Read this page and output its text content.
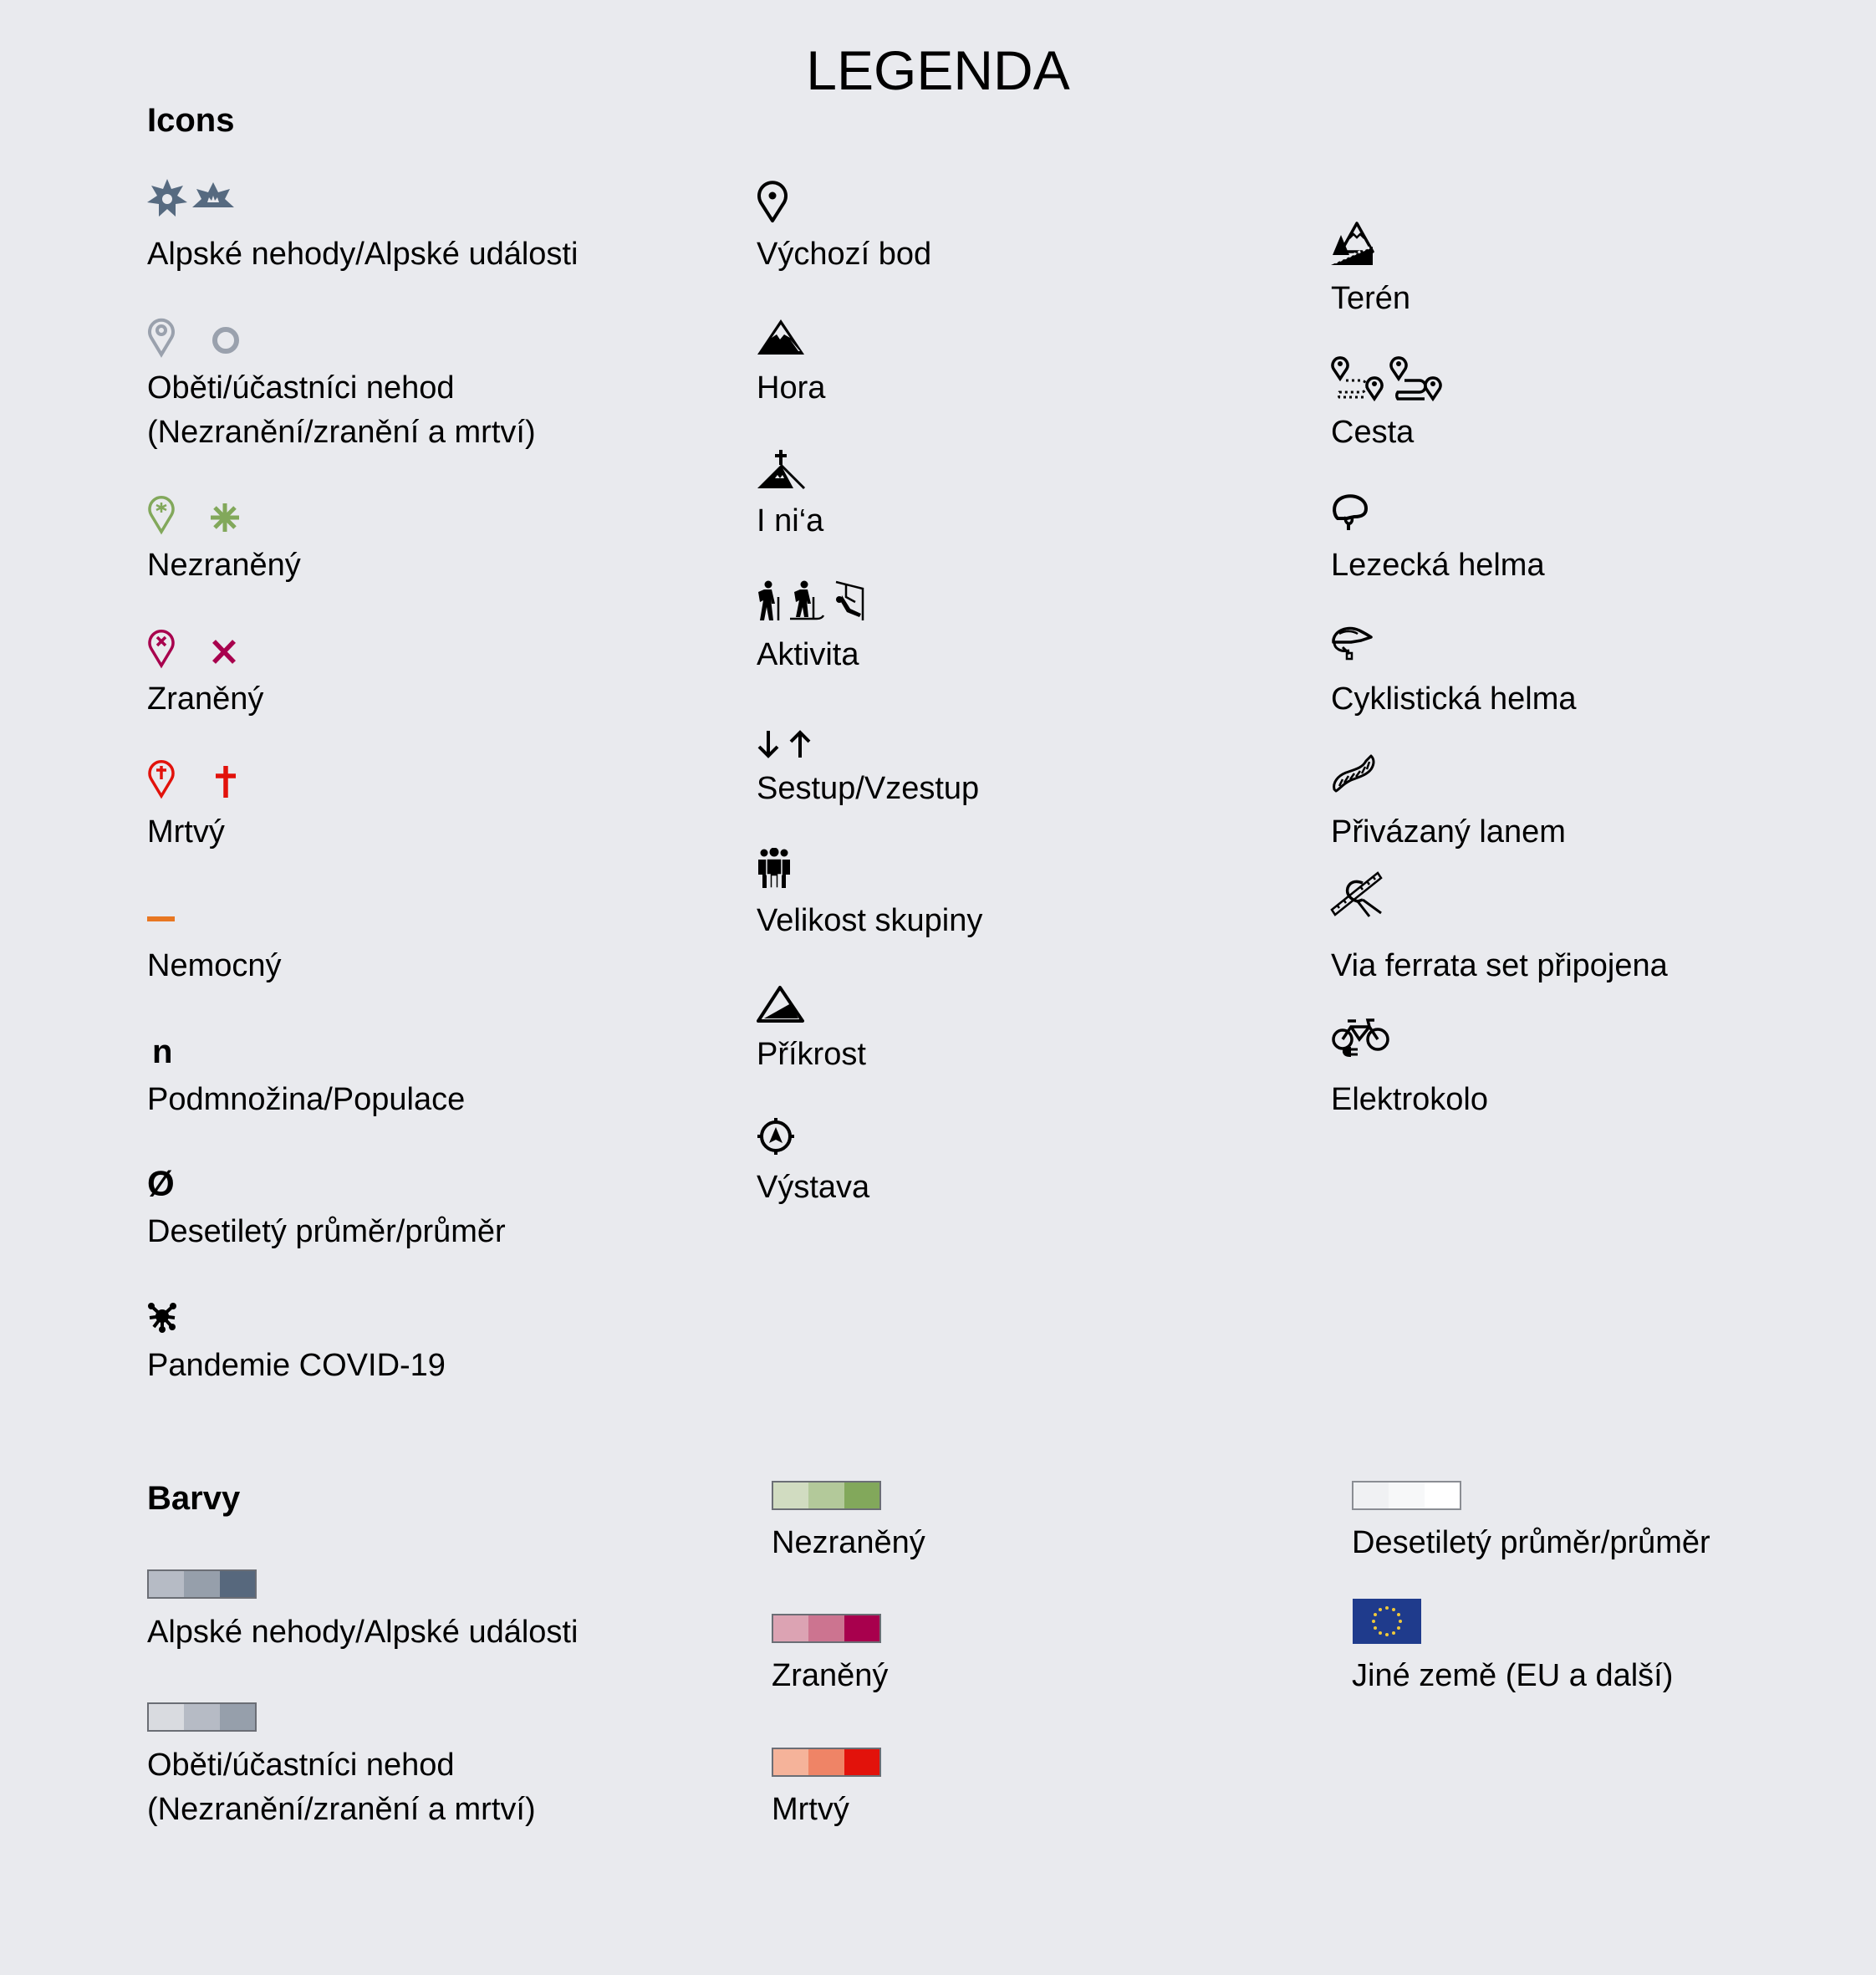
LEGENDA
Icons
Alpské nehody/Alpské události
Oběti/účastníci nehod
(Nezranění/zranění a mrtví)
Nezraněný
Zraněný
Mrtvý
Nemocný
n
Podmnožina/Populace
Ø
Desetiletý průměr/průměr
Pandemie COVID-19
Výchozí bod
Hora
I ni‘a
Aktivita
Sestup/Vzestup
Velikost skupiny
Příkrost
Výstava
Terén
Cesta
Lezecká helma
Cyklistická helma
Přivázaný lanem
Via ferrata set připojena
Elektrokolo
Barvy
Alpské nehody/Alpské události
Oběti/účastníci nehod
(Nezranění/zranění a mrtví)
Nezraněný
Zraněný
Mrtvý
Desetiletý průměr/průměr
Jiné země (EU a další)
